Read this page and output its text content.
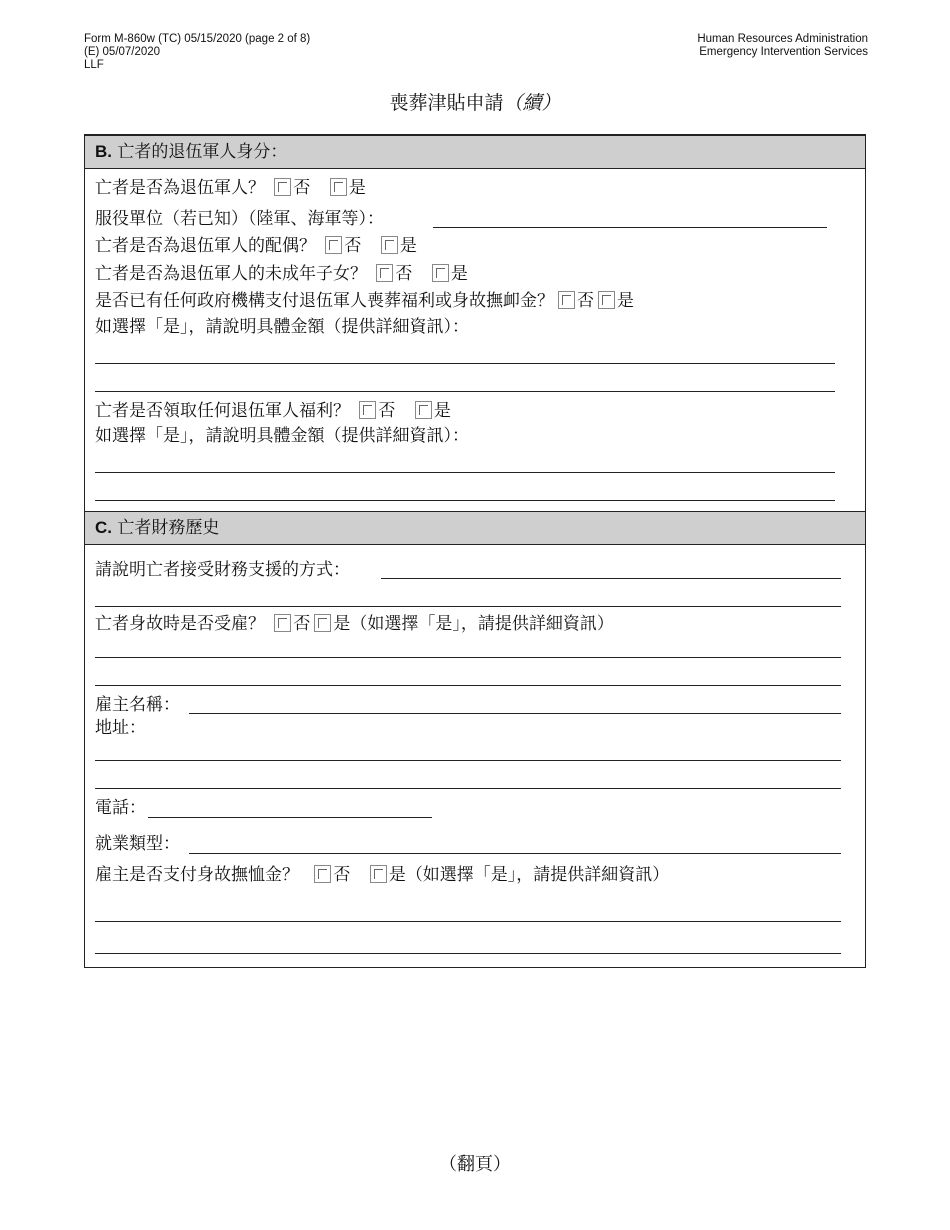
Form M-860w (TC) 05/15/2020 (page 2 of 8)
(E) 05/07/2020
LLF
Human Resources Administration
Emergency Intervention Services
喪葬津貼申請（續）
B. 亡者的退伍軍人身分：
亡者是否為退伍軍人？ 否 是
服役單位（若已知）（陸軍、海軍等）：
亡者是否為退伍軍人的配偶？ 否 是
亡者是否為退伍軍人的未成年子女？ 否 是
是否已有任何政府機構支付退伍軍人喪葬福利或身故撫卹金？ 否 是
如選擇「是」，請說明具體金額（提供詳細資訊）：
亡者是否領取任何退伍軍人福利？ 否 是
如選擇「是」，請說明具體金額（提供詳細資訊）：
C. 亡者財務歷史
請說明亡者接受財務支援的方式：
亡者身故時是否受雇？ 否 是（如選擇「是」，請提供詳細資訊）
雇主名稱：
地址：
電話：
就業類型：
雇主是否支付身故撫恤金？ 否 是（如選擇「是」，請提供詳細資訊）
（翻頁）
